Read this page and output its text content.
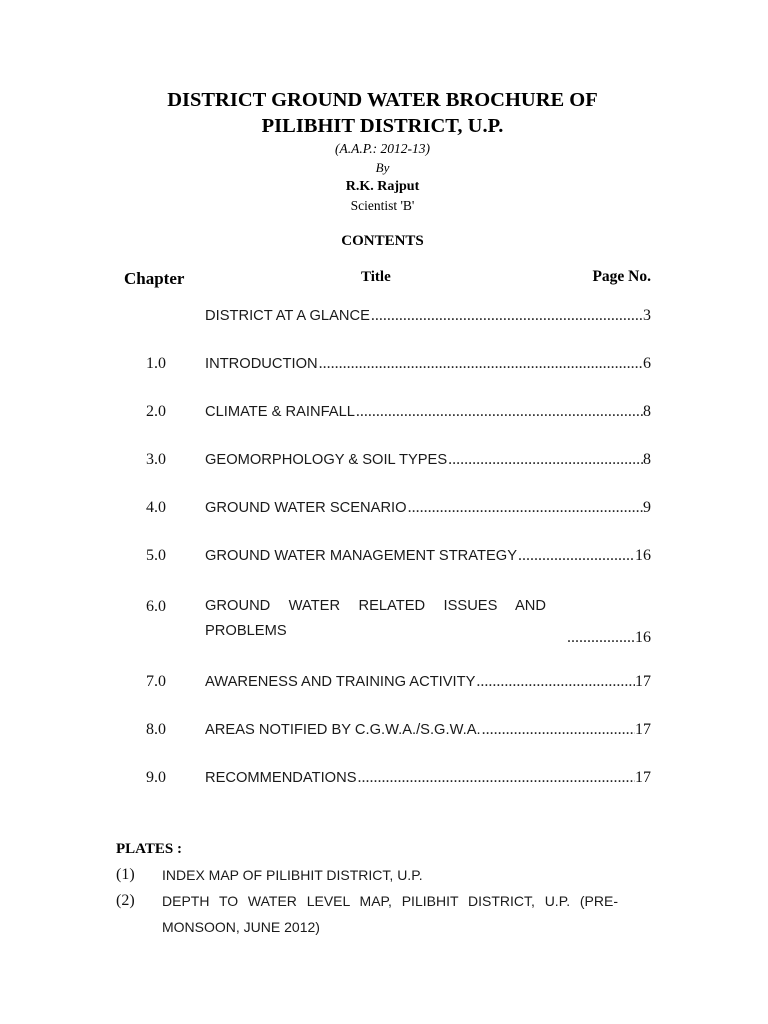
DISTRICT GROUND WATER BROCHURE OF
PILIBHIT DISTRICT, U.P.
(A.A.P.: 2012-13)
By
R.K. Rajput
Scientist 'B'
CONTENTS
Chapter	Title	Page No.
DISTRICT AT A GLANCE .....	3
1.0	INTRODUCTION .....	6
2.0	CLIMATE & RAINFALL .....	8
3.0	GEOMORPHOLOGY & SOIL TYPES .....	8
4.0	GROUND WATER SCENARIO .....	9
5.0	GROUND WATER MANAGEMENT STRATEGY .....	16
6.0	GROUND WATER RELATED ISSUES AND PROBLEMS .....	16
7.0	AWARENESS AND TRAINING ACTIVITY .....	17
8.0	AREAS NOTIFIED BY C.G.W.A./S.G.W.A. .....	17
9.0	RECOMMENDATIONS .....	17
PLATES :
(1)	INDEX MAP OF PILIBHIT DISTRICT, U.P.
(2)	DEPTH TO WATER LEVEL MAP, PILIBHIT DISTRICT, U.P. (PRE-MONSOON, JUNE 2012)
